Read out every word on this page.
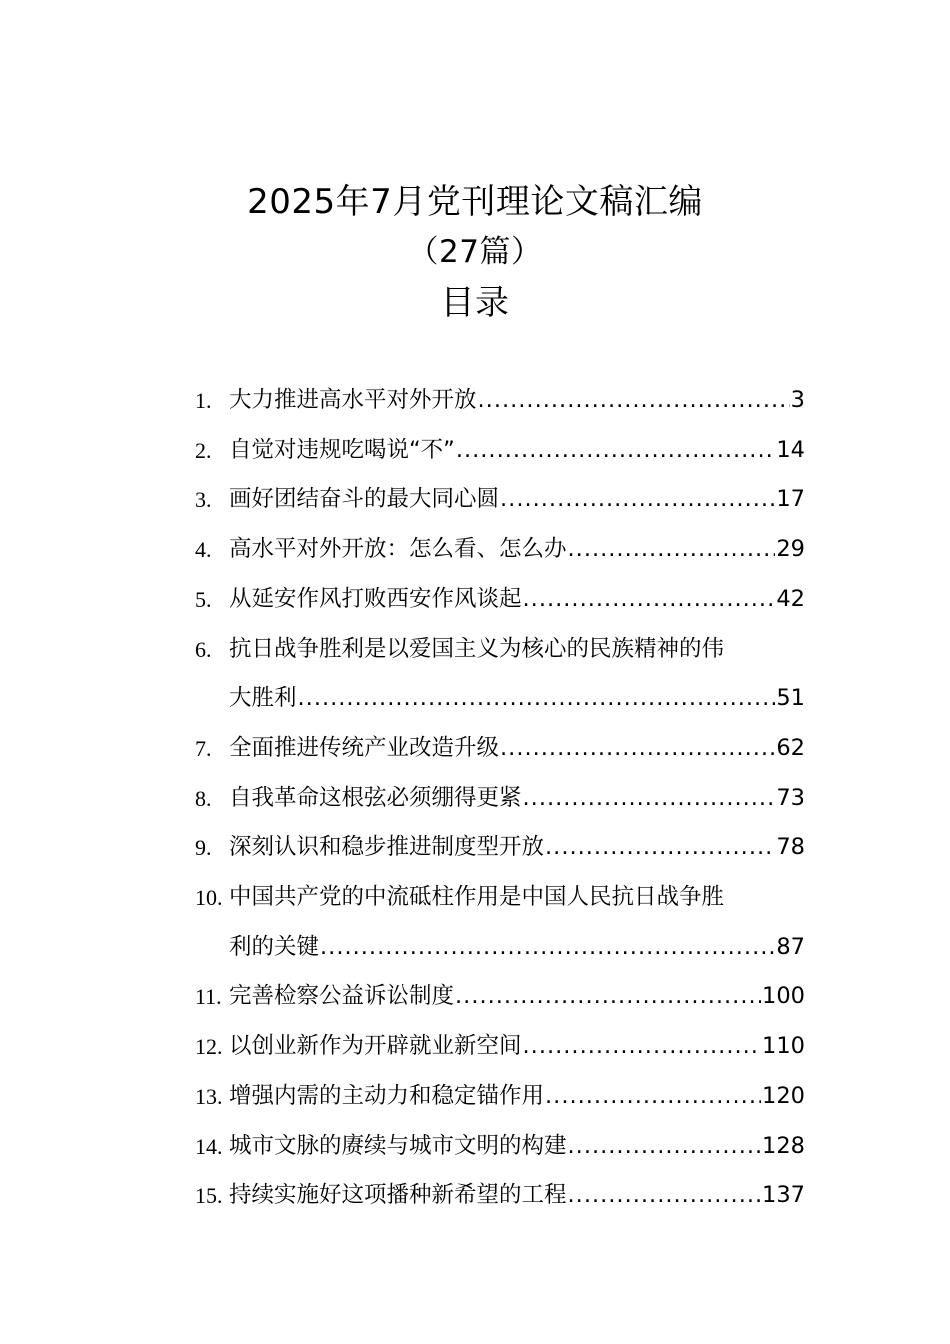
2025年7月党刊理论文稿汇编
（27篇）
目录
1. 大力推进高水平对外开放 .....	3
2. 自觉对违规吃喝说“不” .....	14
3. 画好团结奋斗的最大同心圆 .....	17
4. 高水平对外开放：怎么看、怎么办 .....	29
5. 从延安作风打败西安作风谈起 .....	42
6. 抗日战争胜利是以爱国主义为核心的民族精神的伟
大胜利 .....	51
7. 全面推进传统产业改造升级 .....	62
8. 自我革命这根弦必须绷得更紧 .....	73
9. 深刻认识和稳步推进制度型开放 .....	78
10. 中国共产党的中流砥柱作用是中国人民抗日战争胜
利的关键 .....	87
11. 完善检察公益诉讼制度 .....	100
12. 以创业新作为开辟就业新空间 .....	110
13. 增强内需的主动力和稳定锚作用 .....	120
14. 城市文脉的赓续与城市文明的构建 .....	128
15. 持续实施好这项播种新希望的工程 .....	137
